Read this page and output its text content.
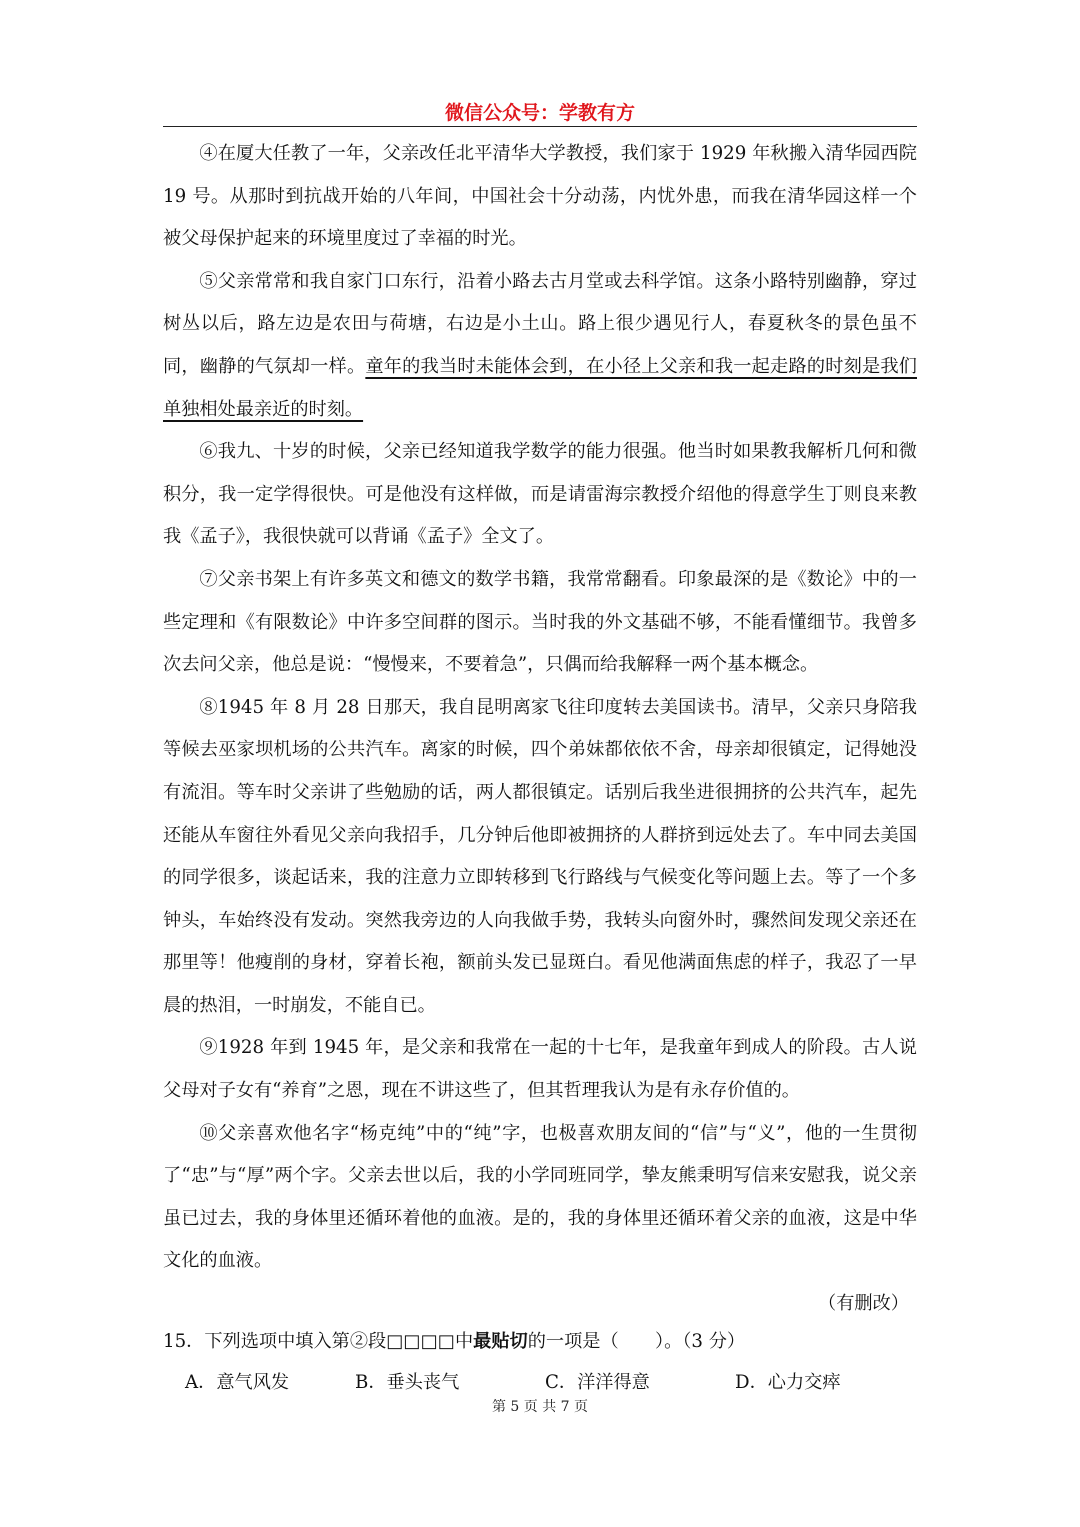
微信公众号：学教有方

④在厦大任教了一年，父亲改任北平清华大学教授，我们家于 1929 年秋搬入清华园西院 19 号。从那时到抗战开始的八年间，中国社会十分动荡，内忧外患，而我在清华园这样一个被父母保护起来的环境里度过了幸福的时光。

⑤父亲常常和我自家门口东行，沿着小路去古月堂或去科学馆。这条小路特别幽静，穿过树丛以后，路左边是农田与荷塘，右边是小土山。路上很少遇见行人，春夏秋冬的景色虽不同，幽静的气氛却一样。童年的我当时未能体会到，在小径上父亲和我一起走路的时刻是我们单独相处最亲近的时刻。

⑥我九、十岁的时候，父亲已经知道我学数学的能力很强。他当时如果教我解析几何和微积分，我一定学得很快。可是他没有这样做，而是请雷海宗教授介绍他的得意学生丁则良来教我《孟子》，我很快就可以背诵《孟子》全文了。

⑦父亲书架上有许多英文和德文的数学书籍，我常常翻看。印象最深的是《数论》中的一些定理和《有限数论》中许多空间群的图示。当时我的外文基础不够，不能看懂细节。我曾多次去问父亲，他总是说：“慢慢来，不要着急”，只偶而给我解释一两个基本概念。

⑧1945 年 8 月 28 日那天，我自昆明离家飞往印度转去美国读书。清早，父亲只身陪我等候去巫家坝机场的公共汽车。离家的时候，四个弟妹都依依不舍，母亲却很镇定，记得她没有流泪。等车时父亲讲了些勉励的话，两人都很镇定。话别后我坐进很拥挤的公共汽车，起先还能从车窗往外看见父亲向我招手，几分钟后他即被拥挤的人群挤到远处去了。车中同去美国的同学很多，谈起话来，我的注意力立即转移到飞行路线与气候变化等问题上去。等了一个多钟头，车始终没有发动。突然我旁边的人向我做手势，我转头向窗外时，骤然间发现父亲还在那里等！他瘦削的身材，穿着长袍，额前头发已显斑白。看见他满面焦虑的样子，我忍了一早晨的热泪，一时崩发，不能自已。

⑨1928 年到 1945 年，是父亲和我常在一起的十七年，是我童年到成人的阶段。古人说父母对子女有“养育”之恩，现在不讲这些了，但其哲理我认为是有永存价值的。

⑩父亲喜欢他名字“杨克纯”中的“纯”字，也极喜欢朋友间的“信”与“义”，他的一生贯彻了“忠”与“厚”两个字。父亲去世以后，我的小学同班同学，挚友熊秉明写信来安慰我，说父亲虽已过去，我的身体里还循环着他的血液。是的，我的身体里还循环着父亲的血液，这是中华文化的血液。

（有删改）
15．下列选项中填入第②段□□□□中最贴切的一项是（　　）。（3 分）
A．意气风发	B．垂头丧气	C．洋洋得意	D．心力交瘁
第 5 页 共 7 页
